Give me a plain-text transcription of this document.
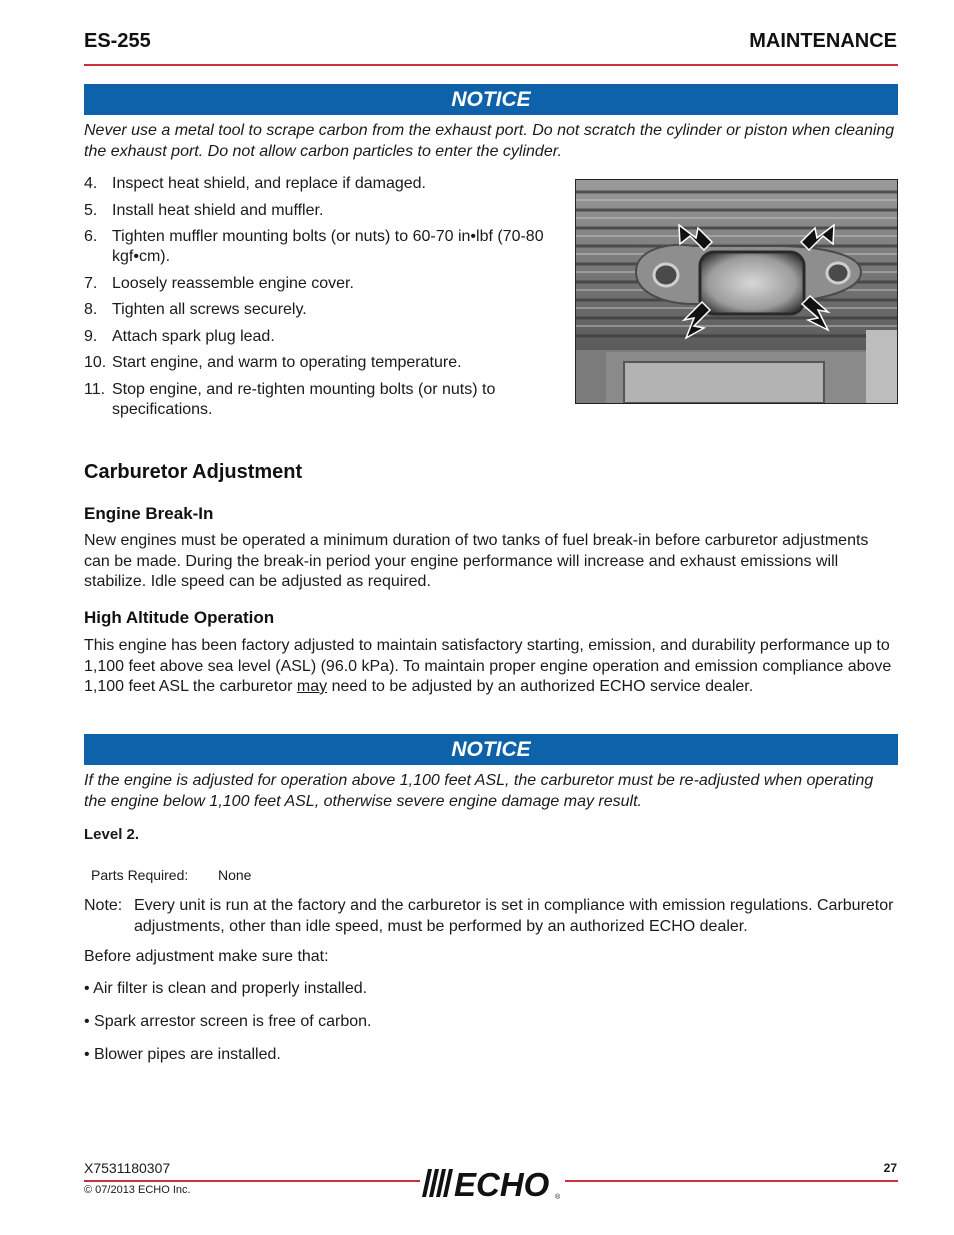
ES-255	MAINTENANCE
NOTICE
Never use a metal tool to scrape carbon from the exhaust port. Do not scratch the cylinder or piston when cleaning the exhaust port. Do not allow carbon particles to enter the cylinder.
4. Inspect heat shield, and replace if damaged.
5. Install heat shield and muffler.
6. Tighten muffler mounting bolts (or nuts) to 60-70 in•lbf (70-80 kgf•cm).
7. Loosely reassemble engine cover.
8. Tighten all screws securely.
9. Attach spark plug lead.
10. Start engine, and warm to operating temperature.
11. Stop engine, and re-tighten mounting bolts (or nuts) to specifications.
Carburetor Adjustment
Engine Break-In
New engines must be operated a minimum duration of two tanks of fuel break-in before carburetor adjustments can be made. During the break-in period your engine performance will increase and exhaust emissions will stabilize. Idle speed can be adjusted as required.
High Altitude Operation
This engine has been factory adjusted to maintain satisfactory starting, emission, and durability performance up to 1,100 feet above sea level (ASL) (96.0 kPa). To maintain proper engine operation and emission compliance above 1,100 feet ASL the carburetor may need to be adjusted by an authorized ECHO service dealer.
NOTICE
If the engine is adjusted for operation above 1,100 feet ASL, the carburetor must be re-adjusted when operating the engine below 1,100 feet ASL, otherwise severe engine damage may result.
Level 2.
Parts Required: None
Note: Every unit is run at the factory and the carburetor is set in compliance with emission regulations. Carburetor adjustments, other than idle speed, must be performed by an authorized ECHO dealer.
Before adjustment make sure that:
• Air filter is clean and properly installed.
• Spark arrestor screen is free of carbon.
• Blower pipes are installed.
X7531180307	27
© 07/2013 ECHO Inc.	ECHO ®
